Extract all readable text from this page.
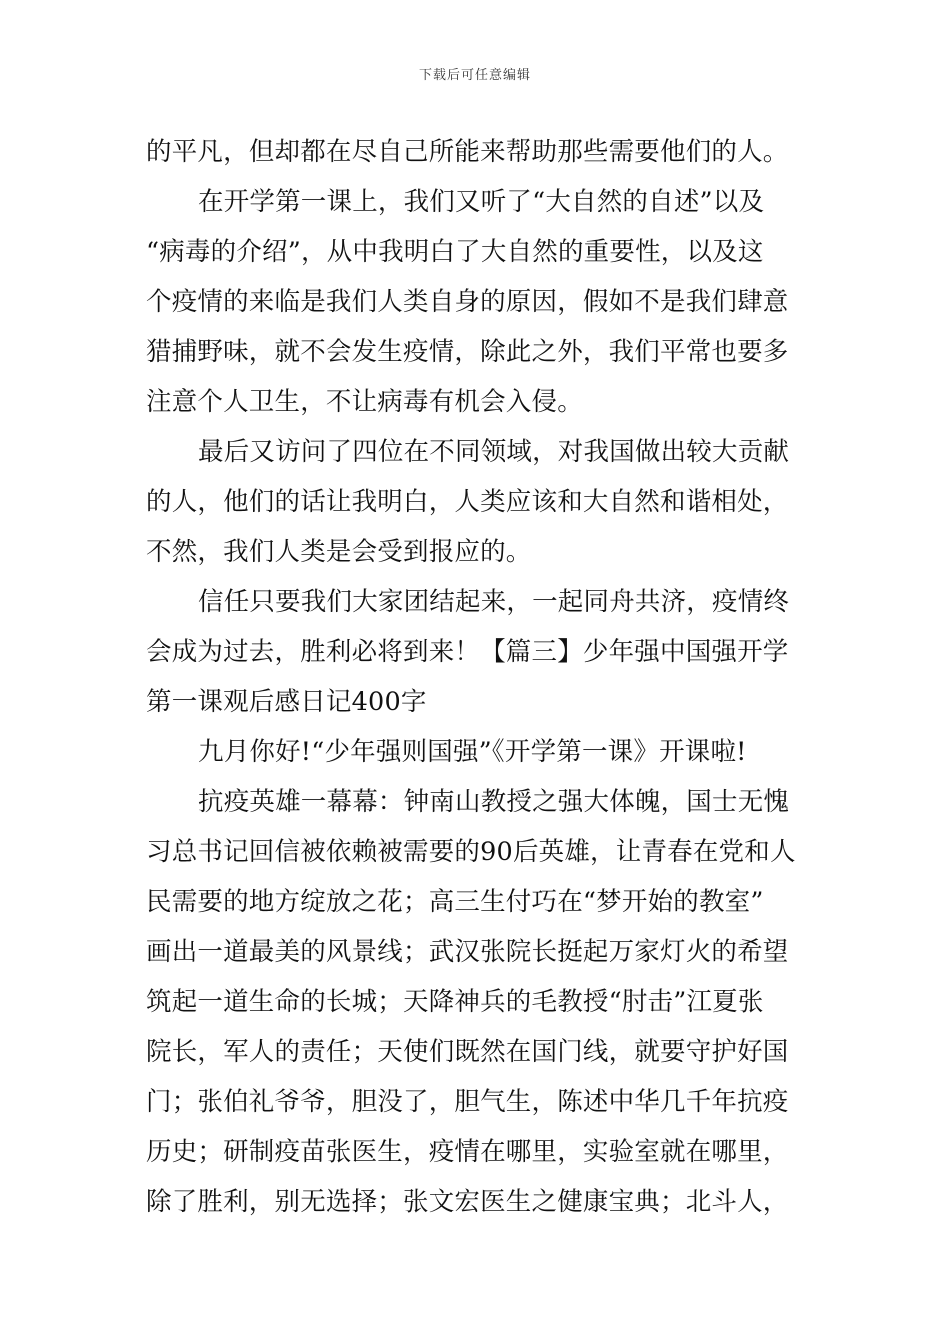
下载后可任意编辑
的平凡，但却都在尽自己所能来帮助那些需要他们的人。
在开学第一课上，我们又听了“大自然的自述”以及
“病毒的介绍”，从中我明白了大自然的重要性，以及这
个疫情的来临是我们人类自身的原因，假如不是我们肆意
猎捕野味，就不会发生疫情，除此之外，我们平常也要多
注意个人卫生，不让病毒有机会入侵。
最后又访问了四位在不同领域，对我国做出较大贡献
的人，他们的话让我明白，人类应该和大自然和谐相处，
不然，我们人类是会受到报应的。
信任只要我们大家团结起来，一起同舟共济，疫情终
会成为过去，胜利必将到来！【篇三】少年强中国强开学
第一课观后感日记400字
九月你好!“少年强则国强”《开学第一课》开课啦!
抗疫英雄一幕幕：钟南山教授之强大体魄，国士无愧
习总书记回信被依赖被需要的90后英雄，让青春在党和人
民需要的地方绽放之花；高三生付巧在“梦开始的教室”
画出一道最美的风景线；武汉张院长挺起万家灯火的希望
筑起一道生命的长城；天降神兵的毛教授“肘击”江夏张
院长，军人的责任；天使们既然在国门线，就要守护好国
门；张伯礼爷爷，胆没了，胆气生，陈述中华几千年抗疫
历史；研制疫苗张医生，疫情在哪里，实验室就在哪里，
除了胜利，别无选择；张文宏医生之健康宝典；北斗人，
